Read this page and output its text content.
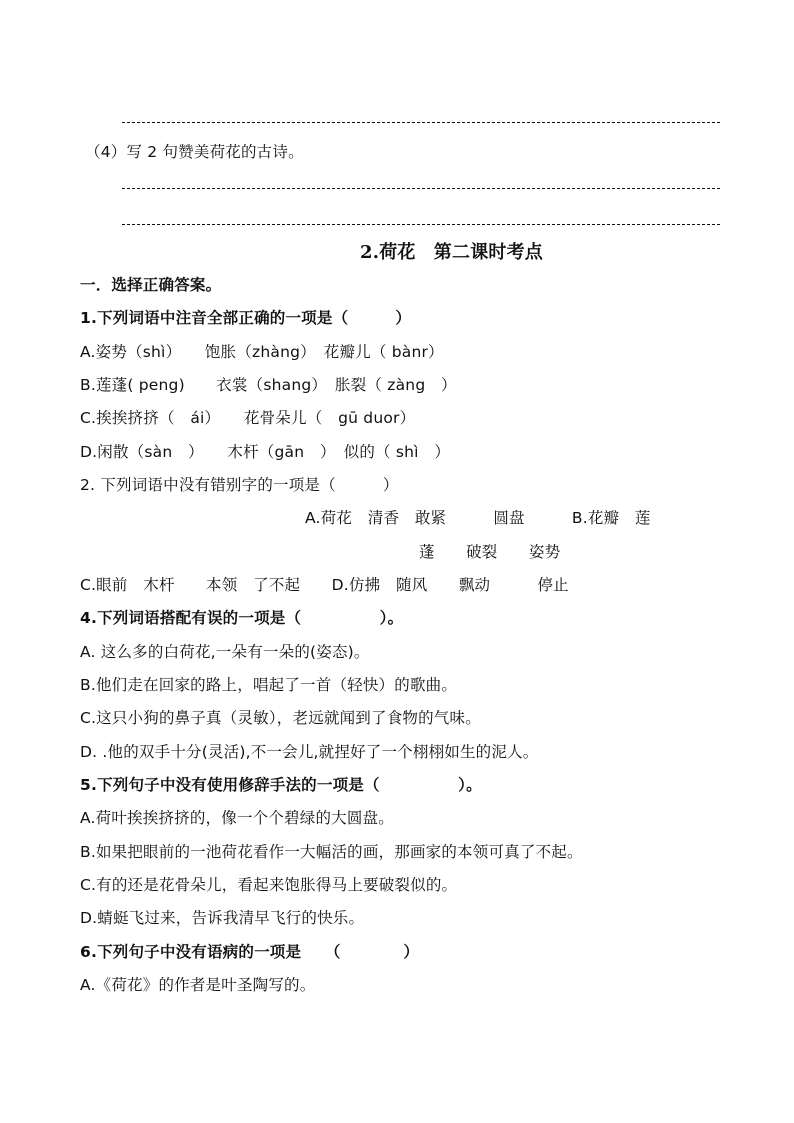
（4）写 2 句赞美荷花的古诗。
2.荷花　第二课时考点
一．选择正确答案。
1.下列词语中注音全部正确的一项是（　　　）
A.姿势（shì）　　饱胀（zhàng）　花瓣儿（ bànr）
B.莲蓬( peng)　　衣裳（shang）　胀裂（ zàng　）
C.挨挨挤挤（　ái）　　花骨朵儿（　gū duor）
D.闲散（sàn　）　　木杆（gān　）　似的（ shì　）
2. 下列词语中没有错别字的一项是（　　　）
A.荷花　清香　敢紧　　　圆盘　　　B.花瓣　莲
蓬　　破裂　　姿势
C.眼前　木杆　　本领　了不起　　D.仿拂　随风　　飘动　　　停止
4.下列词语搭配有误的一项是（　　　　　）。
A. 这么多的白荷花,一朵有一朵的(姿态)。
B.他们走在回家的路上，唱起了一首（轻快）的歌曲。
C.这只小狗的鼻子真（灵敏），老远就闻到了食物的气味。
D. .他的双手十分(灵活),不一会儿,就捏好了一个栩栩如生的泥人。
5.下列句子中没有使用修辞手法的一项是（　　　　　）。
A.荷叶挨挨挤挤的，像一个个碧绿的大圆盘。
B.如果把眼前的一池荷花看作一大幅活的画，那画家的本领可真了不起。
C.有的还是花骨朵儿，看起来饱胀得马上要破裂似的。
D.蜻蜓飞过来，告诉我清早飞行的快乐。
6.下列句子中没有语病的一项是　　（　　　　）
A.《荷花》的作者是叶圣陶写的。
